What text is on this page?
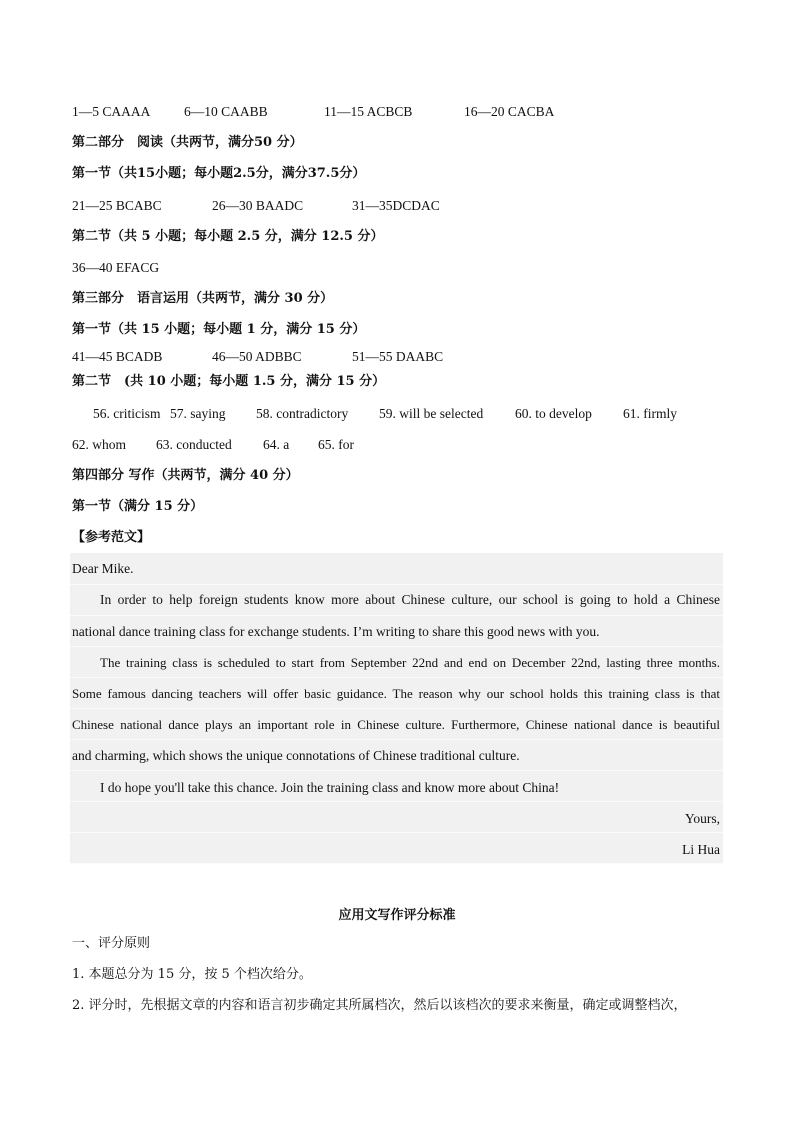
1—5 CAAAA 6—10 CAABB	11—15 ACBCB	16—20 CACBA
第二部分　阅读（共两节，满分50 分）
第一节（共15小题；每小题2.5分，满分37.5分）
21—25 BCABC	26—30 BAADC	31—35DCDAC
第二节（共 5 小题；每小题 2.5 分，满分 12.5 分）
36—40 EFACG
第三部分　语言运用（共两节，满分 30 分）
第一节（共 15 小题；每小题 1 分，满分 15 分）
41—45 BCADB	46—50 ADBBC	51—55 DAABC
第二节　(共 10 小题；每小题 1.5 分，满分 15 分）
56. criticism 57. saying 58. contradictory 59. will be selected 60. to develop 61. firmly
62. whom 63. conducted 64. a 65. for
第四部分 写作（共两节，满分 40 分）
第一节（满分 15 分）
【参考范文】
Dear Mike.
In order to help foreign students know more about Chinese culture, our school is going to hold a Chinese
national dance training class for exchange students. I’m writing to share this good news with you.
The training class is scheduled to start from September 22nd and end on December 22nd, lasting three months.
Some famous dancing teachers will offer basic guidance. The reason why our school holds this training class is that
Chinese national dance plays an important role in Chinese culture. Furthermore, Chinese national dance is beautiful
and charming, which shows the unique connotations of Chinese traditional culture.
I do hope you'll take this chance. Join the training class and know more about China!
Yours,
Li Hua
应用文写作评分标准
一、评分原则
1. 本题总分为 15 分，按 5 个档次给分。
2. 评分时，先根据文章的内容和语言初步确定其所属档次，然后以该档次的要求来衡量，确定或调整档次，
